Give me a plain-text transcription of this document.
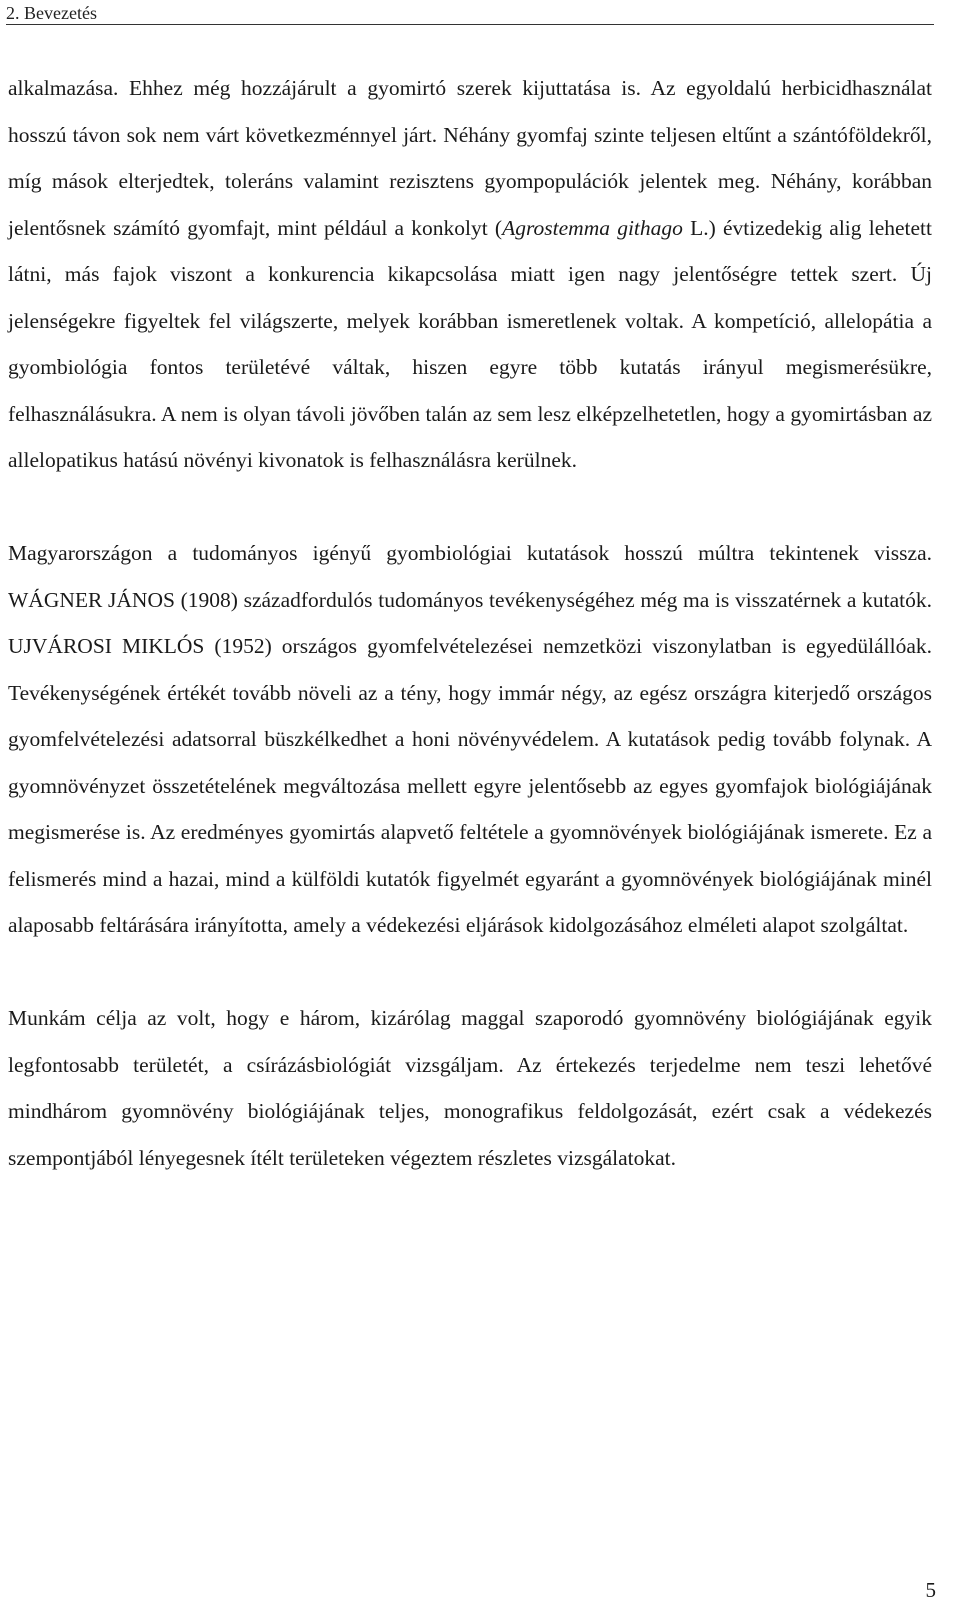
2. Bevezetés

alkalmazása. Ehhez még hozzájárult a gyomirtó szerek kijuttatása is. Az egyoldalú herbicidhasználat hosszú távon sok nem várt következménnyel járt. Néhány gyomfaj szinte teljesen eltűnt a szántóföldekről, míg mások elterjedtek, toleráns valamint rezisztens gyompopulációk jelentek meg. Néhány, korábban jelentősnek számító gyomfajt, mint például a konkolyt (Agrostemma githago L.) évtizedekig alig lehetett látni, más fajok viszont a konkurencia kikapcsolása miatt igen nagy jelentőségre tettek szert. Új jelenségekre figyeltek fel világszerte, melyek korábban ismeretlenek voltak. A kompetíció, allelopátia a gyombiológia fontos területévé váltak, hiszen egyre több kutatás irányul megismerésükre, felhasználásukra. A nem is olyan távoli jövőben talán az sem lesz elképzelhetetlen, hogy a gyomirtásban az allelopatikus hatású növényi kivonatok is felhasználásra kerülnek.

Magyarországon a tudományos igényű gyombiológiai kutatások hosszú múltra tekintenek vissza. WÁGNER JÁNOS (1908) századfordulós tudományos tevékenységéhez még ma is visszatérnek a kutatók. UJVÁROSI MIKLÓS (1952) országos gyomfelvételezései nemzetközi viszonylatban is egyedülállóak. Tevékenységének értékét tovább növeli az a tény, hogy immár négy, az egész országra kiterjedő országos gyomfelvételezési adatsorral büszkélkedhet a honi növényvédelem. A kutatások pedig tovább folynak. A gyomnövényzet összetételének megváltozása mellett egyre jelentősebb az egyes gyomfajok biológiájának megismerése is. Az eredményes gyomirtás alapvető feltétele a gyomnövények biológiájának ismerete. Ez a felismerés mind a hazai, mind a külföldi kutatók figyelmét egyaránt a gyomnövények biológiájának minél alaposabb feltárására irányította, amely a védekezési eljárások kidolgozásához elméleti alapot szolgáltat.

Munkám célja az volt, hogy e három, kizárólag maggal szaporodó gyomnövény biológiájának egyik legfontosabb területét, a csírázásbiológiát vizsgáljam. Az értekezés terjedelme nem teszi lehetővé mindhárom gyomnövény biológiájának teljes, monografikus feldolgozását, ezért csak a védekezés szempontjából lényegesnek ítélt területeken végeztem részletes vizsgálatokat.

5
